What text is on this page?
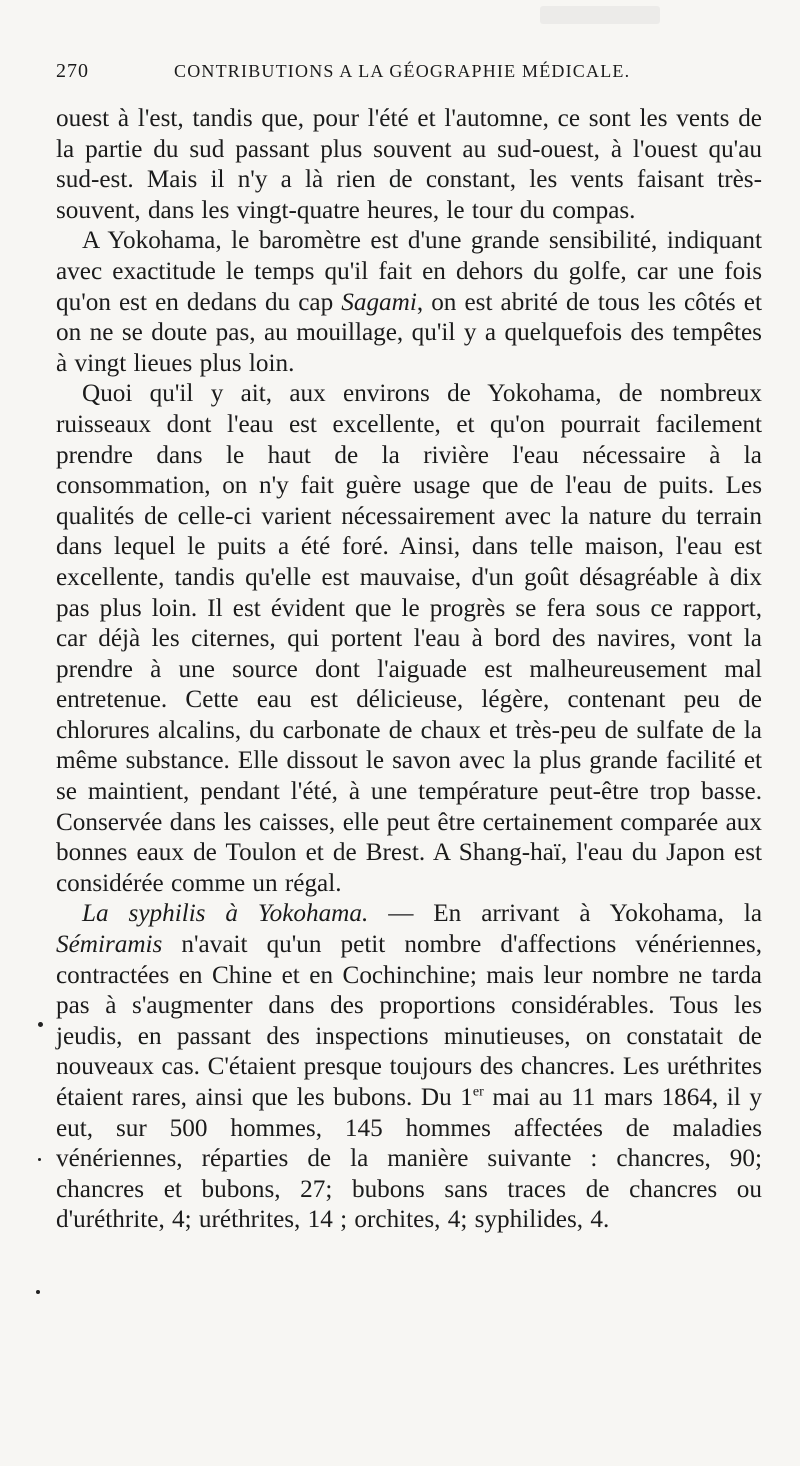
270	CONTRIBUTIONS A LA GÉOGRAPHIE MÉDICALE.

ouest à l'est, tandis que, pour l'été et l'automne, ce sont les vents de la partie du sud passant plus souvent au sud-ouest, à l'ouest qu'au sud-est. Mais il n'y a là rien de constant, les vents faisant très-souvent, dans les vingt-quatre heures, le tour du compas.

A Yokohama, le baromètre est d'une grande sensibilité, indiquant avec exactitude le temps qu'il fait en dehors du golfe, car une fois qu'on est en dedans du cap Sagami, on est abrité de tous les côtés et on ne se doute pas, au mouillage, qu'il y a quelquefois des tempêtes à vingt lieues plus loin.

Quoi qu'il y ait, aux environs de Yokohama, de nombreux ruisseaux dont l'eau est excellente, et qu'on pourrait facilement prendre dans le haut de la rivière l'eau nécessaire à la consommation, on n'y fait guère usage que de l'eau de puits. Les qualités de celle-ci varient nécessairement avec la nature du terrain dans lequel le puits a été foré. Ainsi, dans telle maison, l'eau est excellente, tandis qu'elle est mauvaise, d'un goût désagréable à dix pas plus loin. Il est évident que le progrès se fera sous ce rapport, car déjà les citernes, qui portent l'eau à bord des navires, vont la prendre à une source dont l'aiguade est malheureusement mal entretenue. Cette eau est délicieuse, légère, contenant peu de chlorures alcalins, du carbonate de chaux et très-peu de sulfate de la même substance. Elle dissout le savon avec la plus grande facilité et se maintient, pendant l'été, à une température peut-être trop basse. Conservée dans les caisses, elle peut être certainement comparée aux bonnes eaux de Toulon et de Brest. A Shang-haï, l'eau du Japon est considérée comme un régal.

La syphilis à Yokohama. — En arrivant à Yokohama, la Sémiramis n'avait qu'un petit nombre d'affections vénériennes, contractées en Chine et en Cochinchine; mais leur nombre ne tarda pas à s'augmenter dans des proportions considérables. Tous les jeudis, en passant des inspections minutieuses, on constatait de nouveaux cas. C'étaient presque toujours des chancres. Les uréthrites étaient rares, ainsi que les bubons. Du 1er mai au 11 mars 1864, il y eut, sur 500 hommes, 145 hommes affectées de maladies vénériennes, réparties de la manière suivante : chancres, 90; chancres et bubons, 27; bubons sans traces de chancres ou d'uréthrite, 4; uréthrites, 14 ; orchites, 4; syphilides, 4.
